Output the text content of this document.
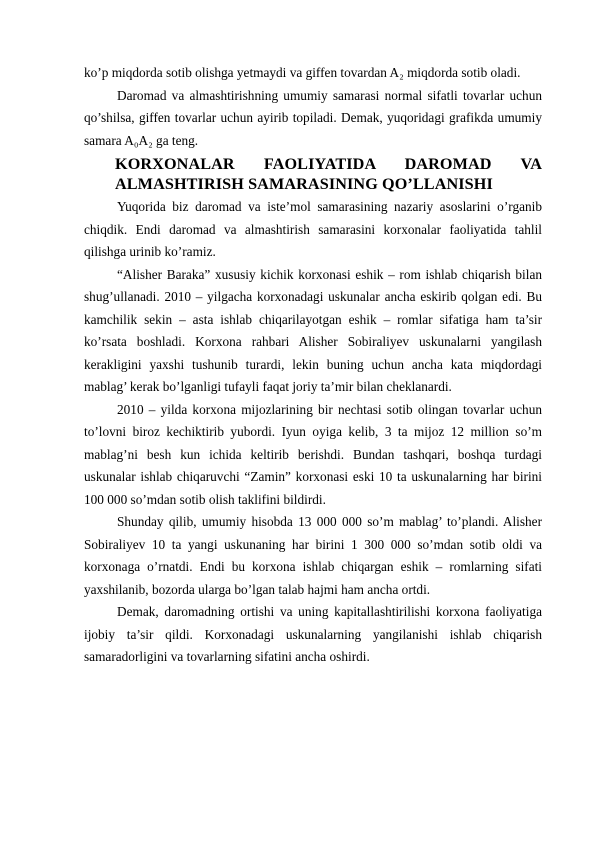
ko’p miqdorda sotib olishga yetmaydi va giffen tovardan A₂ miqdorda sotib oladi.

Daromad va almashtirishning umumiy samarasi normal sifatli tovarlar uchun qo’shilsa, giffen tovarlar uchun ayirib topiladi. Demak, yuqoridagi grafikda umumiy samara A₀A₂ ga teng.

KORXONALAR FAOLIYATIDA DAROMAD VA ALMASHTIRISH SAMARASINING QO’LLANISHI

Yuqorida biz daromad va iste’mol samarasining nazariy asoslarini o’rganib chiqdik. Endi daromad va almashtirish samarasini korxonalar faoliyatida tahlil qilishga urinib ko’ramiz.

“Alisher Baraka” xususiy kichik korxonasi eshik – rom ishlab chiqarish bilan shug’ullanadi. 2010 – yilgacha korxonadagi uskunalar ancha eskirib qolgan edi. Bu kamchilik sekin – asta ishlab chiqarilayotgan eshik – romlar sifatiga ham ta’sir ko’rsata boshladi. Korxona rahbari Alisher Sobiraliyev uskunalarni yangilash kerakligini yaxshi tushunib turardi, lekin buning uchun ancha kata miqdordagi mablag’ kerak bo’lganligi tufayli faqat joriy ta’mir bilan cheklanardi.

2010 – yilda korxona mijozlarining bir nechtasi sotib olingan tovarlar uchun to’lovni biroz kechiktirib yubordi. Iyun oyiga kelib, 3 ta mijoz 12 million so’m mablag’ni besh kun ichida keltirib berishdi. Bundan tashqari, boshqa turdagi uskunalar ishlab chiqaruvchi “Zamin” korxonasi eski 10 ta uskunalarning har birini 100 000 so’mdan sotib olish taklifini bildirdi.

Shunday qilib, umumiy hisobda 13 000 000 so’m mablag’ to’plandi. Alisher Sobiraliyev 10 ta yangi uskunaning har birini 1 300 000 so’mdan sotib oldi va korxonaga o’rnatdi. Endi bu korxona ishlab chiqargan eshik – romlarning sifati yaxshilanib, bozorda ularga bo’lgan talab hajmi ham ancha ortdi.

Demak, daromadning ortishi va uning kapitallashtirilishi korxona faoliyatiga ijobiy ta’sir qildi. Korxonadagi uskunalarning yangilanishi ishlab chiqarish samaradorligini va tovarlarning sifatini ancha oshirdi.
